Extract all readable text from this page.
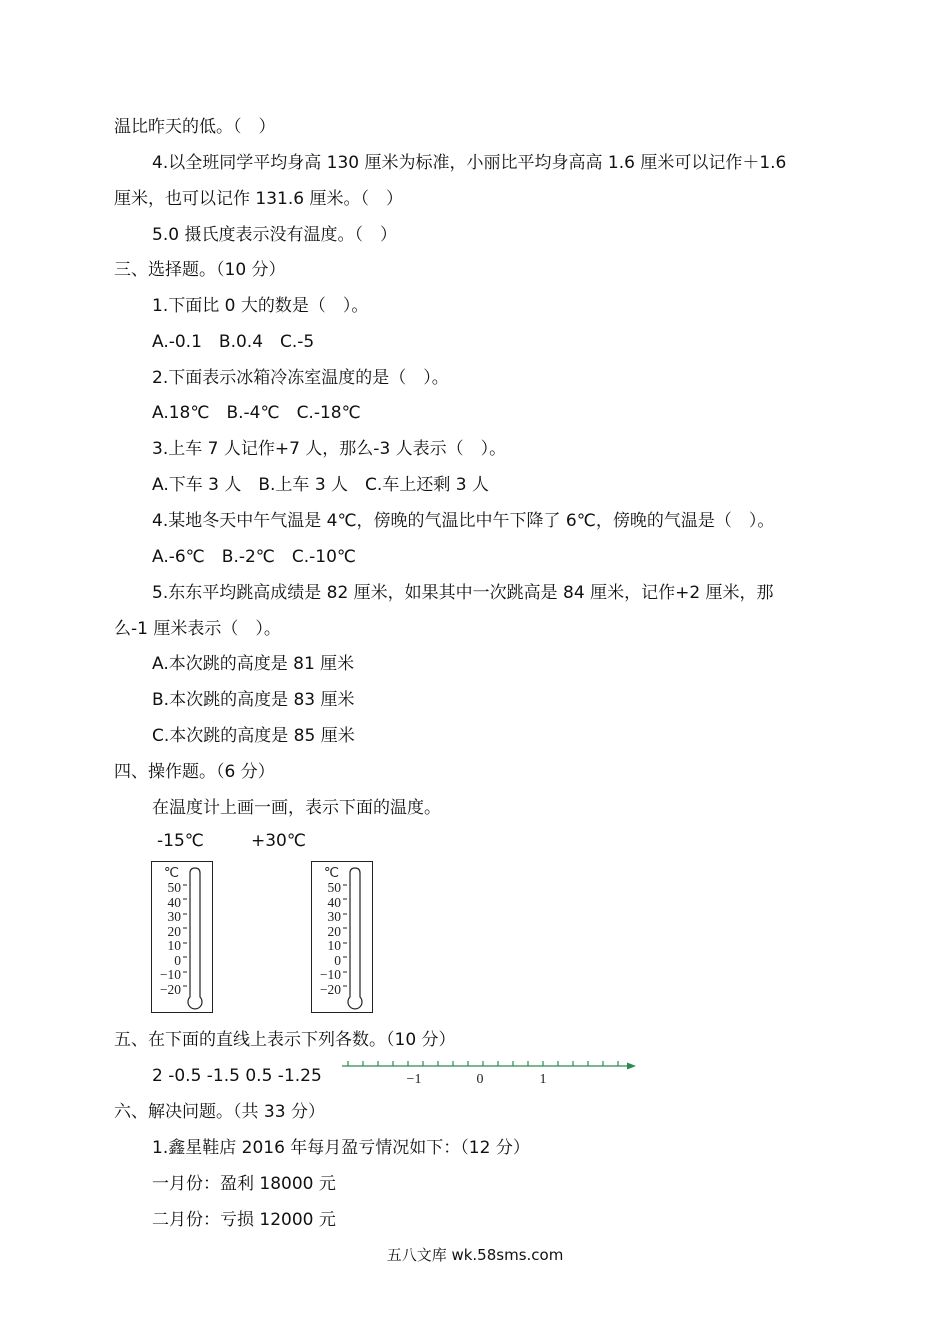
温比昨天的低。（　）
4.以全班同学平均身高 130 厘米为标准，小丽比平均身高高 1.6 厘米可以记作＋1.6
厘米，也可以记作 131.6 厘米。（　）
5.0 摄氏度表示没有温度。（　）
三、选择题。（10 分）
1.下面比 0 大的数是（　）。
A.-0.1　B.0.4　C.-5
2.下面表示冰箱冷冻室温度的是（　）。
A.18℃　B.-4℃　C.-18℃
3.上车 7 人记作+7 人，那么-3 人表示（　）。
A.下车 3 人　B.上车 3 人　C.车上还剩 3 人
4.某地冬天中午气温是 4℃，傍晚的气温比中午下降了 6℃，傍晚的气温是（　）。
A.-6℃　B.-2℃　C.-10℃
5.东东平均跳高成绩是 82 厘米，如果其中一次跳高是 84 厘米，记作+2 厘米，那
么-1 厘米表示（　）。
A.本次跳的高度是 81 厘米
B.本次跳的高度是 83 厘米
C.本次跳的高度是 85 厘米
四、操作题。（6 分）
在温度计上画一画，表示下面的温度。
-15℃	+30℃
℃
50
40
30
20
10
0
−10
−20
℃
50
40
30
20
10
0
−10
−20
五、在下面的直线上表示下列各数。（10 分）
2 -0.5 -1.5 0.5 -1.25	−1	0	1
六、解决问题。（共 33 分）
1.鑫星鞋店 2016 年每月盈亏情况如下：（12 分）
一月份：盈利 18000 元
二月份：亏损 12000 元
五八文库 wk.58sms.com
